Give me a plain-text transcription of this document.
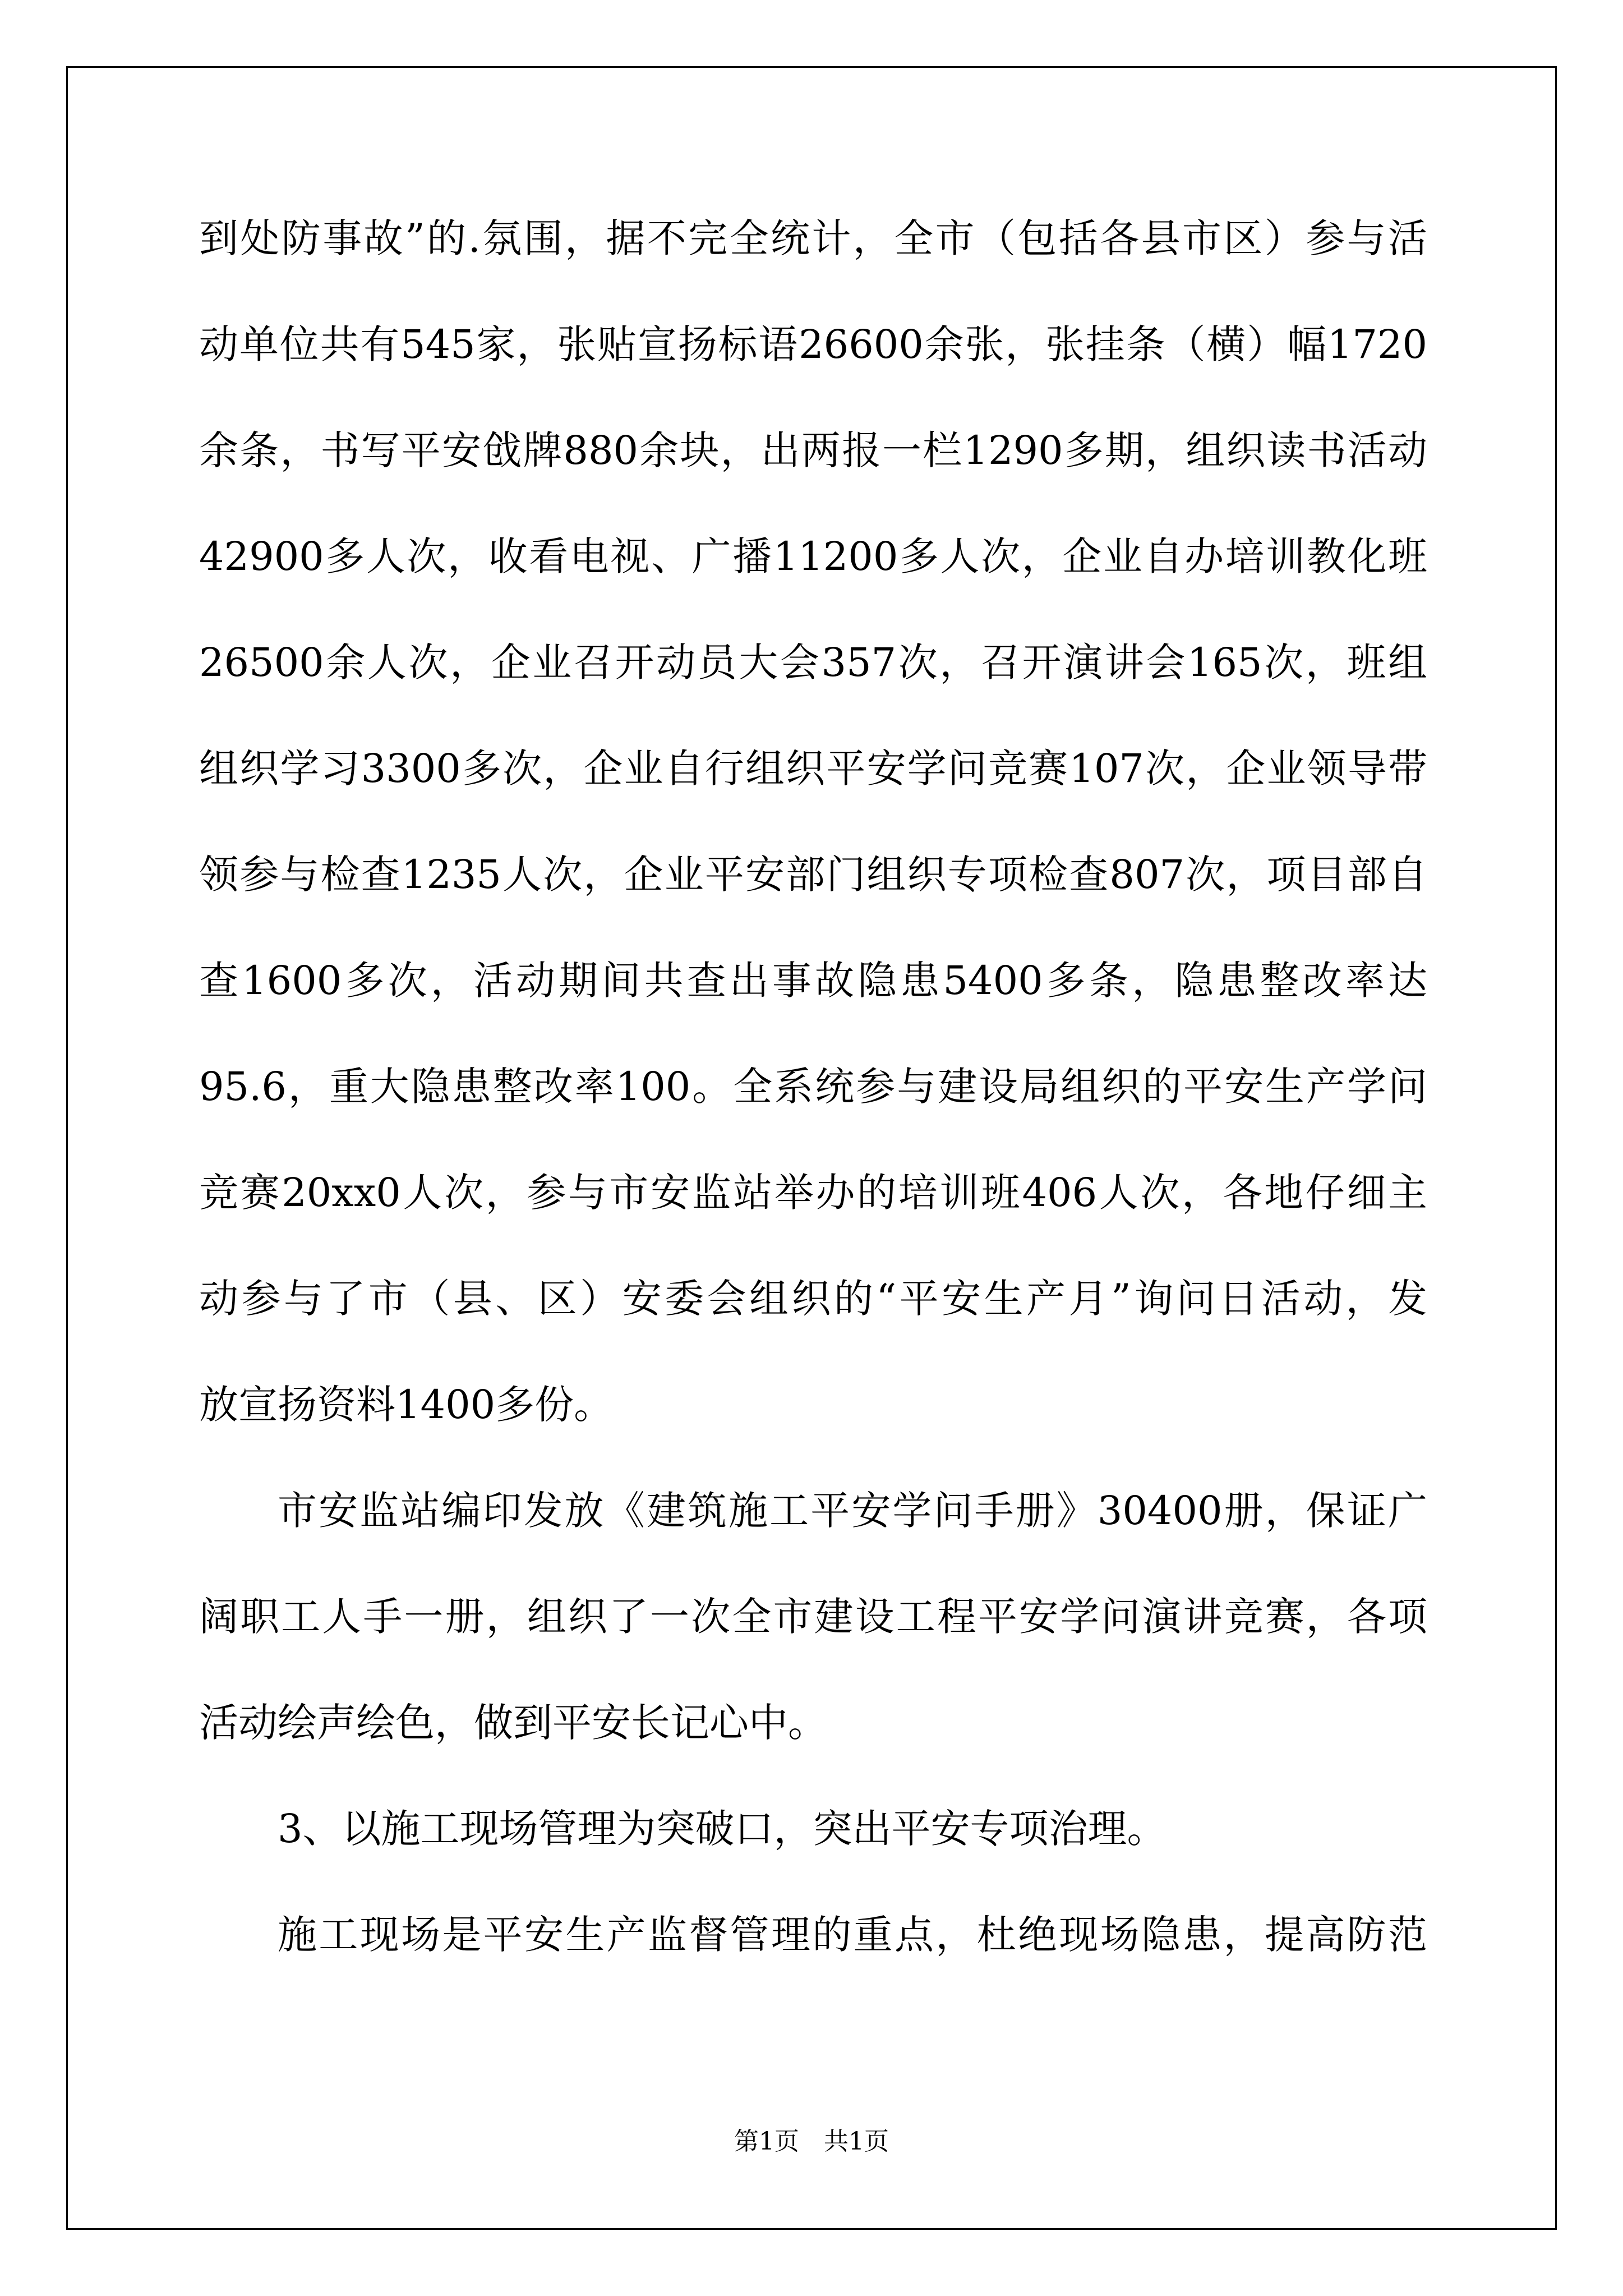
到处防事故”的.氛围，据不完全统计，全市（包括各县市区）参与活
动单位共有545家，张贴宣扬标语26600余张，张挂条（横）幅1720
余条，书写平安戗牌880余块，出两报一栏1290多期，组织读书活动
42900多人次，收看电视、广播11200多人次，企业自办培训教化班
26500余人次，企业召开动员大会357次，召开演讲会165次，班组
组织学习3300多次，企业自行组织平安学问竞赛107次，企业领导带
领参与检查1235人次，企业平安部门组织专项检查807次，项目部自
查1600多次，活动期间共查出事故隐患5400多条，隐患整改率达
95.6，重大隐患整改率100。全系统参与建设局组织的平安生产学问
竞赛20xx0人次，参与市安监站举办的培训班406人次，各地仔细主
动参与了市（县、区）安委会组织的“平安生产月”询问日活动，发
放宣扬资料1400多份。
市安监站编印发放《建筑施工平安学问手册》30400册，保证广
阔职工人手一册，组织了一次全市建设工程平安学问演讲竞赛，各项
活动绘声绘色，做到平安长记心中。
3、以施工现场管理为突破口，突出平安专项治理。
施工现场是平安生产监督管理的重点，杜绝现场隐患，提高防范
第1页　共1页
